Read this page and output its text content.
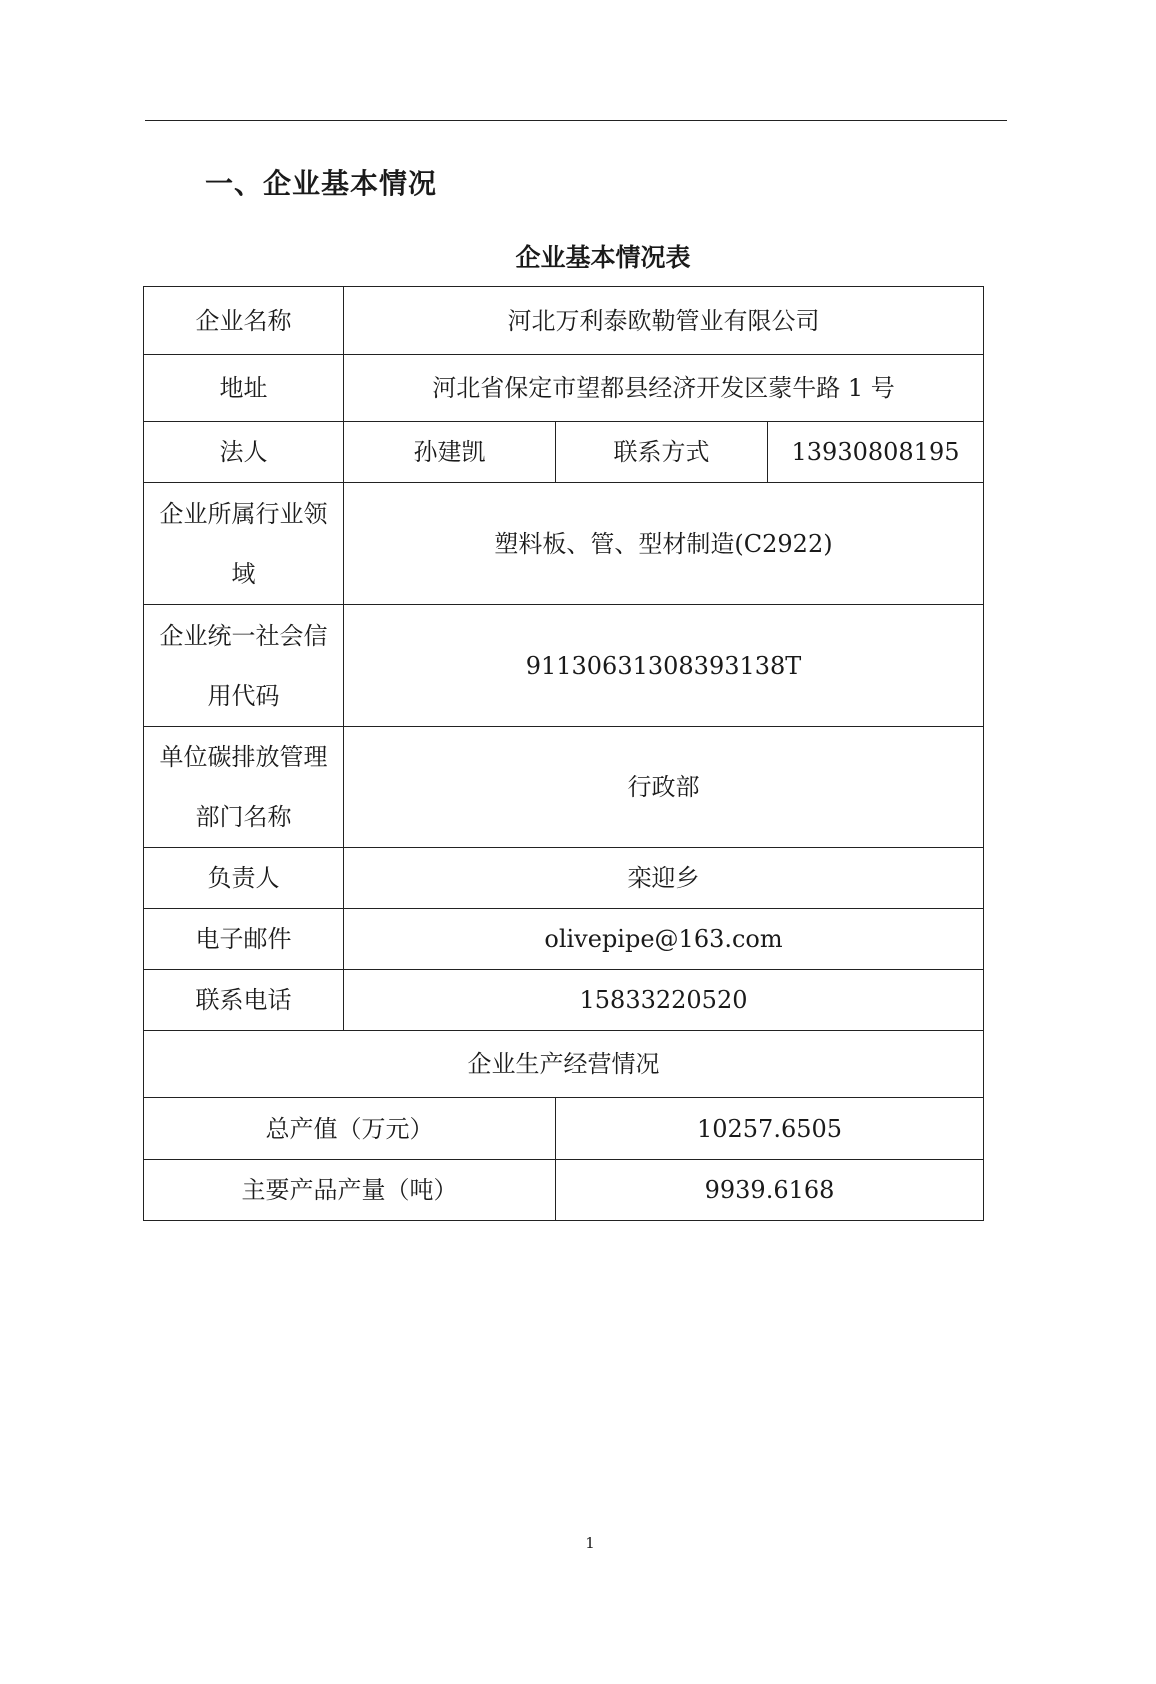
一、企业基本情况
企业基本情况表
企业名称	河北万利泰欧勒管业有限公司		
地址	河北省保定市望都县经济开发区蒙牛路 1 号		
法人	孙建凯	联系方式	13930808195
企业所属行业领域	塑料板、管、型材制造(C2922)		
企业统一社会信用代码	91130631308393138T		
单位碳排放管理部门名称	行政部		
负责人	栾迎乡		
电子邮件	olivepipe@163.com		
联系电话	15833220520		
企业生产经营情况			
总产值（万元）		10257.6505	
主要产品产量（吨）		9939.6168	
1
